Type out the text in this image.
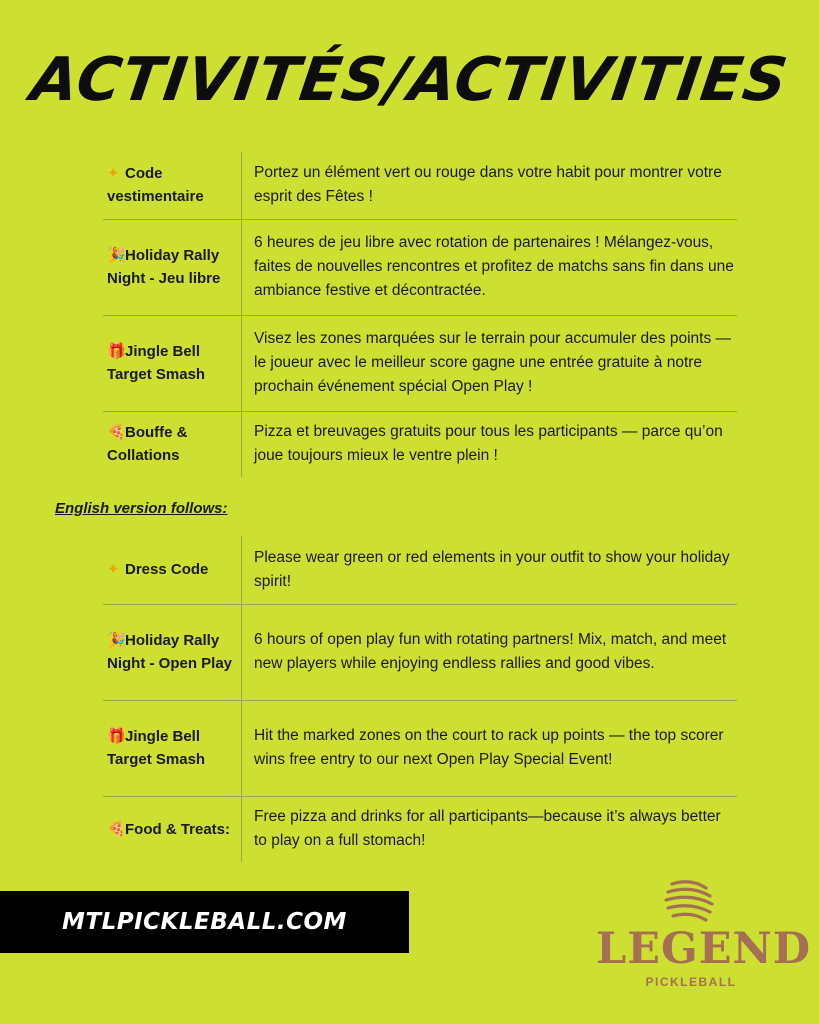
ACTIVITÉS/ACTIVITIES
✦ Code vestimentaire	Portez un élément vert ou rouge dans votre habit pour montrer votre esprit des Fêtes !
🎉Holiday Rally Night - Jeu libre	6 heures de jeu libre avec rotation de partenaires ! Mélangez-vous, faites de nouvelles rencontres et profitez de matchs sans fin dans une ambiance festive et décontractée.
🎁Jingle Bell Target Smash	Visez les zones marquées sur le terrain pour accumuler des points — le joueur avec le meilleur score gagne une entrée gratuite à notre prochain événement spécial Open Play !
🍕Bouffe & Collations	Pizza et breuvages gratuits pour tous les participants — parce qu’on joue toujours mieux le ventre plein !
English version follows:
✦ Dress Code	Please wear green or red elements in your outfit to show your holiday spirit!
🎉Holiday Rally Night - Open Play	6 hours of open play fun with rotating partners! Mix, match, and meet new players while enjoying endless rallies and good vibes.
🎁Jingle Bell Target Smash	Hit the marked zones on the court to rack up points — the top scorer wins free entry to our next Open Play Special Event!
🍕Food & Treats:	Free pizza and drinks for all participants—because it’s always better to play on a full stomach!
MTLPICKLEBALL.COM
LEGEND
PICKLEBALL
